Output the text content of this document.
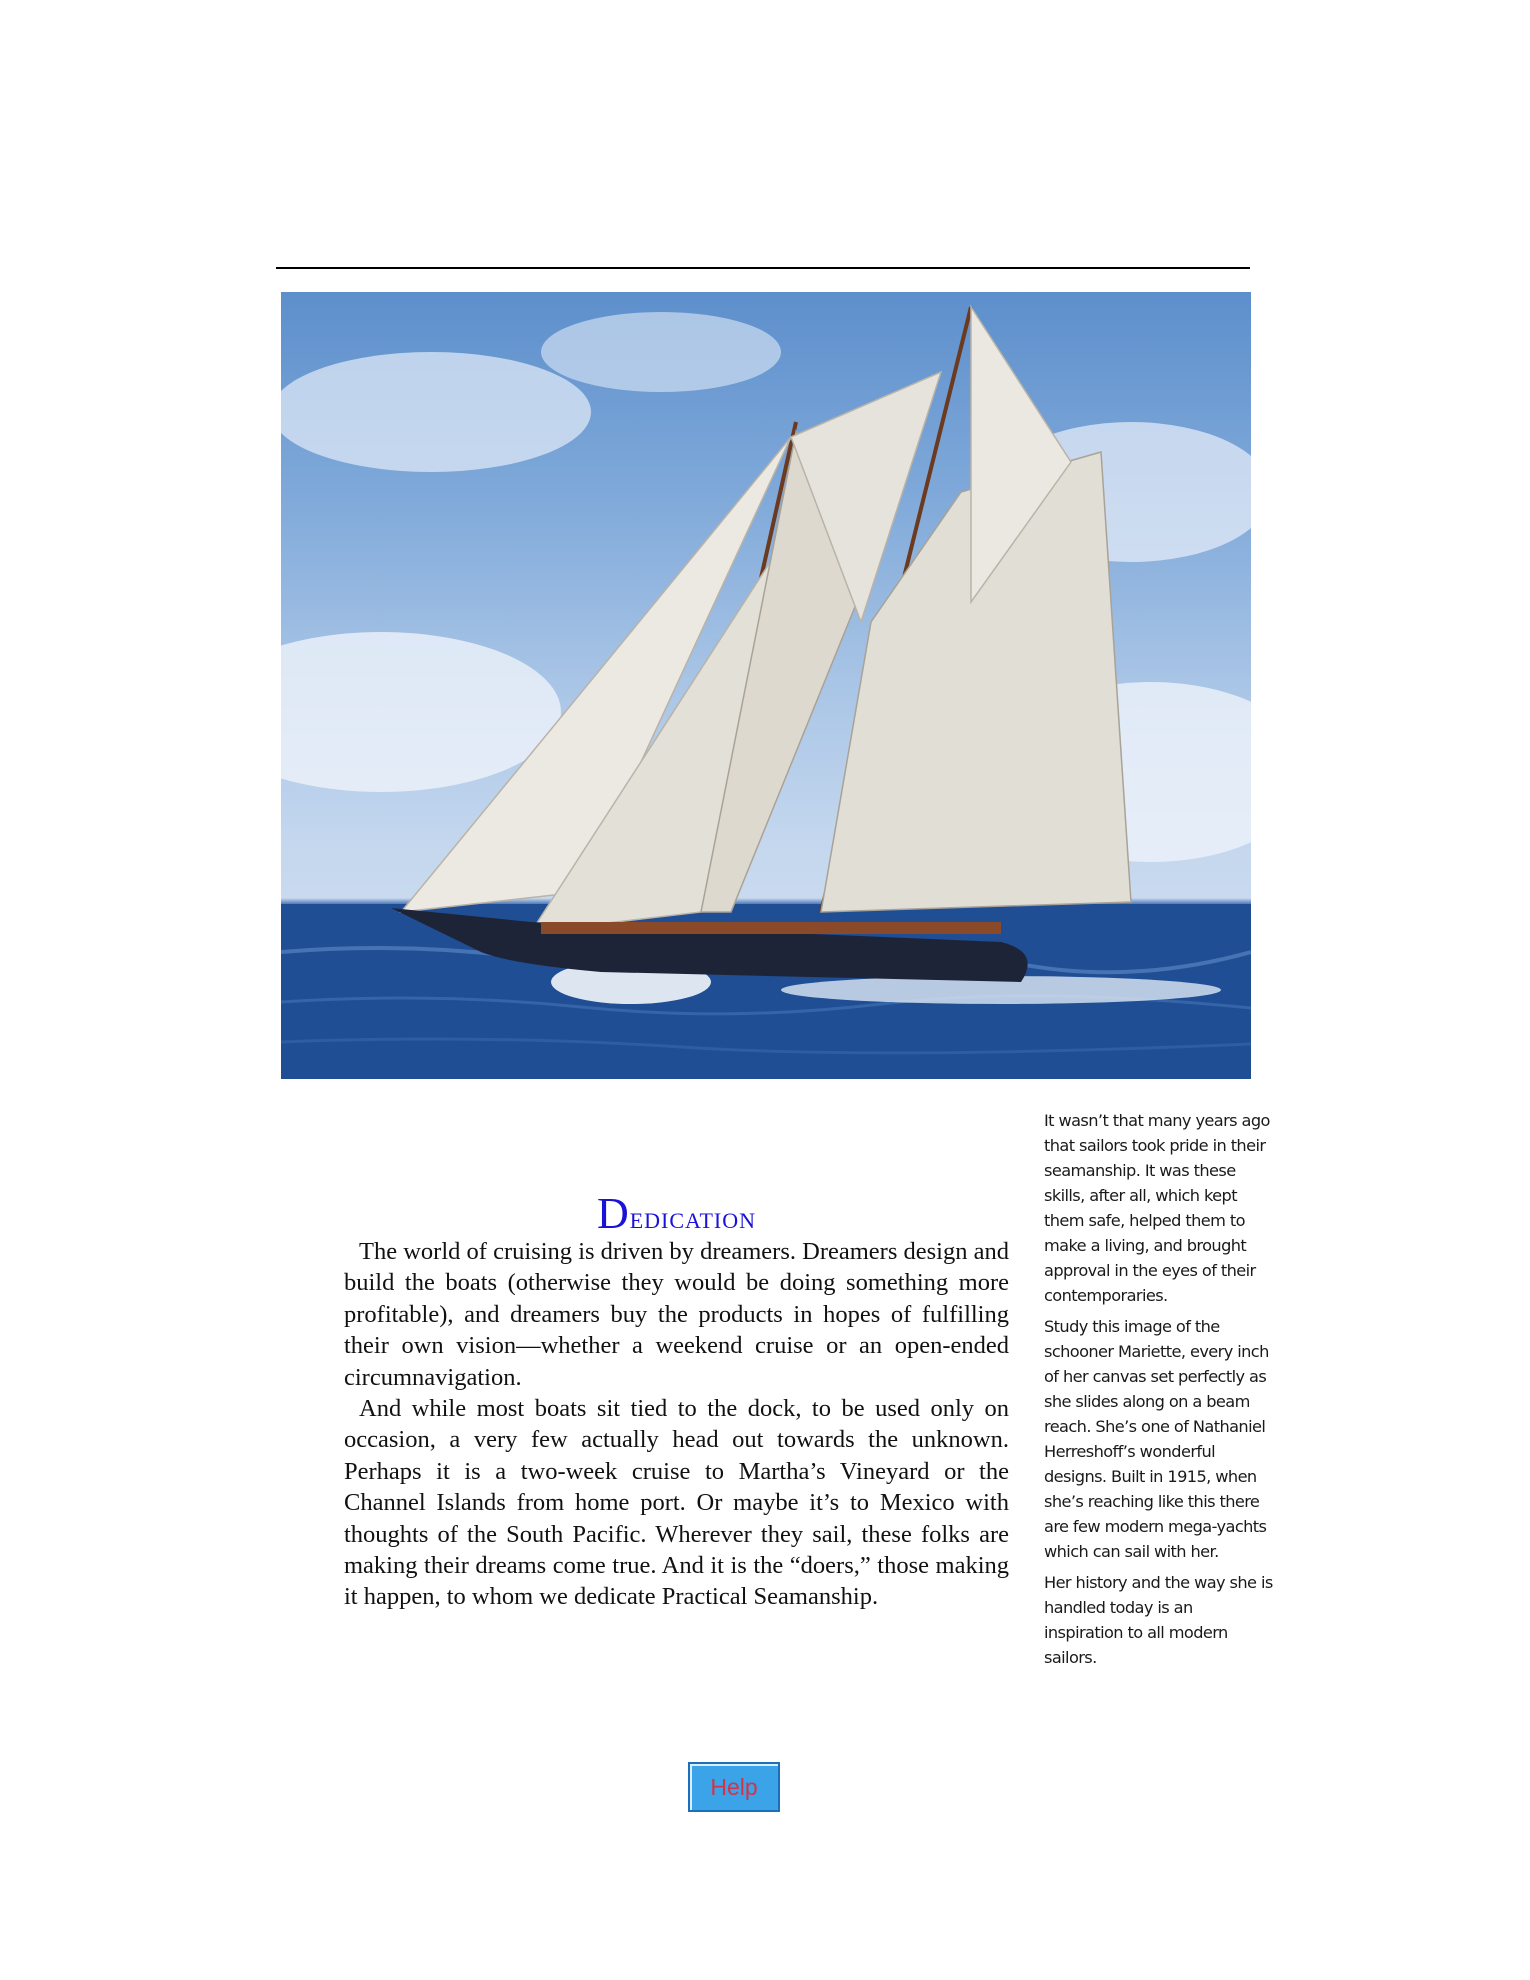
Dedication

The world of cruising is driven by dreamers. Dreamers design and build the boats (otherwise they would be doing something more profitable), and dreamers buy the products in hopes of fulfilling their own vision—whether a weekend cruise or an open-ended circumnavigation.

And while most boats sit tied to the dock, to be used only on occasion, a very few actually head out towards the unknown. Perhaps it is a two-week cruise to Martha’s Vineyard or the Channel Islands from home port. Or maybe it’s to Mexico with thoughts of the South Pacific. Wherever they sail, these folks are making their dreams come true. And it is the “doers,” those making it happen, to whom we dedicate Practical Seamanship.

It wasn’t that many years ago that sailors took pride in their seamanship. It was these skills, after all, which kept them safe, helped them to make a living, and brought approval in the eyes of their contemporaries.

Study this image of the schooner Mariette, every inch of her canvas set perfectly as she slides along on a beam reach. She’s one of Nathaniel Herreshoff’s wonderful designs. Built in 1915, when she’s reaching like this there are few modern mega-yachts which can sail with her.

Her history and the way she is handled today is an inspiration to all modern sailors.

Help
